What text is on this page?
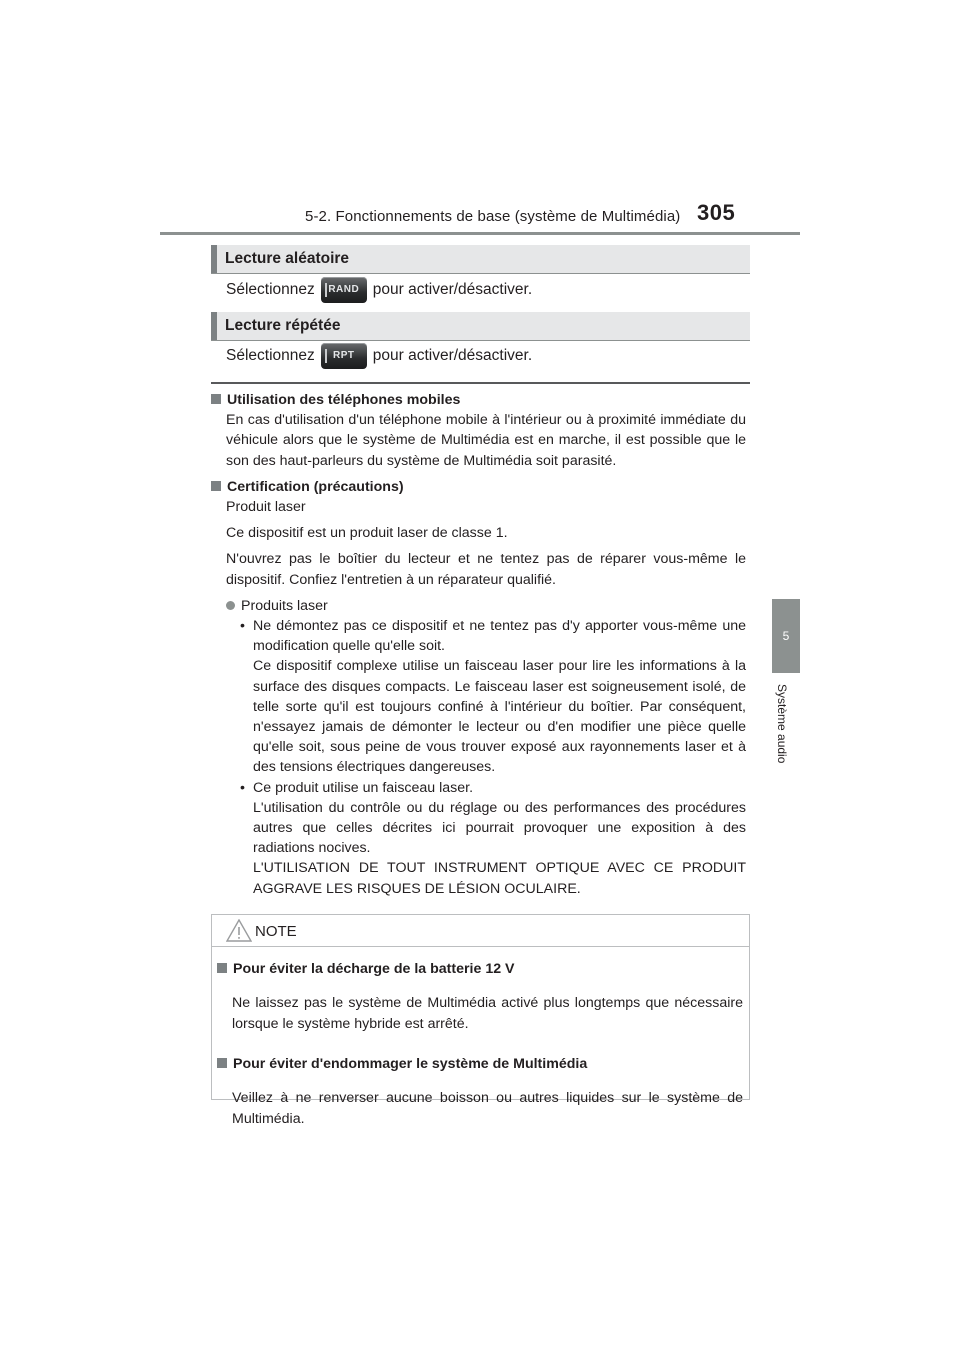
5-2. Fonctionnements de base (système de Multimédia) 305
5
Système audio
Lecture aléatoire
Sélectionnez	RAND pour activer/désactiver.
Lecture répétée
Sélectionnez	RPT	pour activer/désactiver.
Utilisation des téléphones mobiles

En cas d'utilisation d'un téléphone mobile à l'intérieur ou à proximité immédiate du véhicule alors que le système de Multimédia est en marche, il est possible que le son des haut-parleurs du système de Multimédia soit parasité.

Certification (précautions)

Produit laser

Ce dispositif est un produit laser de classe 1.

N'ouvrez pas le boîtier du lecteur et ne tentez pas de réparer vous-même le dispositif. Confiez l'entretien à un réparateur qualifié.

Produits laser
• Ne démontez pas ce dispositif et ne tentez pas d'y apporter vous-même une modification quelle qu'elle soit.

Ce dispositif complexe utilise un faisceau laser pour lire les informations à la surface des disques compacts. Le faisceau laser est soigneusement isolé, de telle sorte qu'il est toujours confiné à l'intérieur du boîtier. Par conséquent, n'essayez jamais de démonter le lecteur ou d'en modifier une pièce quelle qu'elle soit, sous peine de vous trouver exposé aux rayonnements laser et à des tensions électriques dangereuses.

• Ce produit utilise un faisceau laser.

L'utilisation du contrôle ou du réglage ou des performances des procédures autres que celles décrites ici pourrait provoquer une exposition à des radiations nocives.

L'UTILISATION DE TOUT INSTRUMENT OPTIQUE AVEC CE PRODUIT AGGRAVE LES RISQUES DE LÉSION OCULAIRE.

NOTE
Pour éviter la décharge de la batterie 12 V

Ne laissez pas le système de Multimédia activé plus longtemps que nécessaire lorsque le système hybride est arrêté.

Pour éviter d'endommager le système de Multimédia

Veillez à ne renverser aucune boisson ou autres liquides sur le système de Multimédia.
